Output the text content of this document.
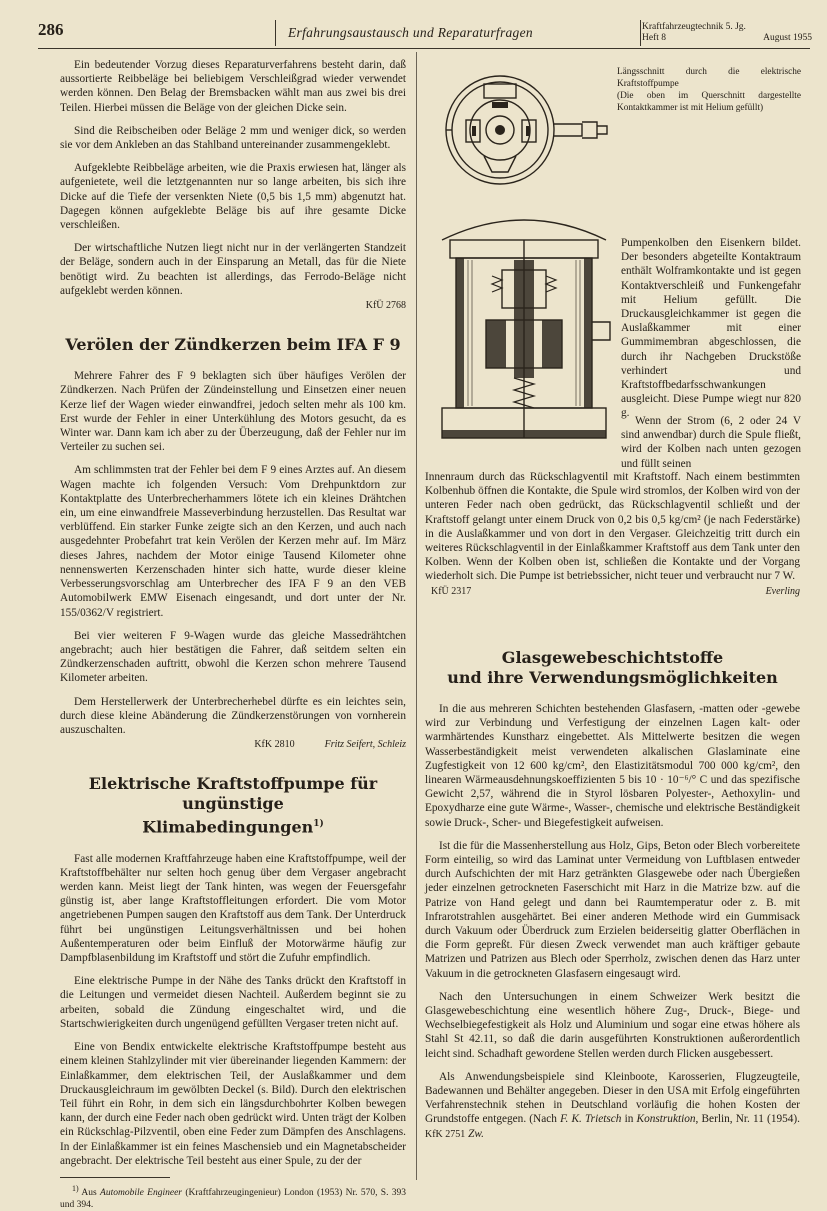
286	Erfahrungsaustausch und Reparaturfragen	Kraftfahrzeugtechnik 5. Jg.
Heft 8	August 1955

Ein bedeutender Vorzug dieses Reparaturverfahrens besteht darin, daß aussortierte Reibbeläge bei beliebigem Verschleißgrad wieder verwendet werden können. Den Belag der Bremsbacken wählt man aus zwei bis drei Teilen. Hierbei müssen die Beläge von der gleichen Dicke sein.

Sind die Reibscheiben oder Beläge 2 mm und weniger dick, so werden sie vor dem Ankleben an das Stahlband untereinander zusammengeklebt.

Aufgeklebte Reibbeläge arbeiten, wie die Praxis erwiesen hat, länger als aufgenietete, weil die letztgenannten nur so lange arbeiten, bis sich ihre Dicke auf die Tiefe der versenkten Niete (0,5 bis 1,5 mm) abgenutzt hat. Dagegen können aufgeklebte Beläge bis auf ihre gesamte Dicke verschleißen.

Der wirtschaftliche Nutzen liegt nicht nur in der verlängerten Standzeit der Beläge, sondern auch in der Einsparung an Metall, das für die Niete benötigt wird. Zu beachten ist allerdings, das Ferrodo-Beläge nicht aufgeklebt werden können.

KfÜ 2768
Verölen der Zündkerzen beim IFA F 9

Mehrere Fahrer des F 9 beklagten sich über häufiges Verölen der Zündkerzen. Nach Prüfen der Zündeinstellung und Einsetzen einer neuen Kerze lief der Wagen wieder einwandfrei, jedoch selten mehr als 100 km. Erst wurde der Fehler in einer Unterkühlung des Motors gesucht, da es Winter war. Dann kam ich aber zu der Überzeugung, daß der Fehler nur im Verteiler zu suchen sei.

Am schlimmsten trat der Fehler bei dem F 9 eines Arztes auf. An diesem Wagen machte ich folgenden Versuch: Vom Drehpunktdorn zur Kontaktplatte des Unterbrecherhammers lötete ich ein kleines Drähtchen ein, um eine einwandfreie Masseverbindung herzustellen. Das Resultat war verblüffend. Ein starker Funke zeigte sich an den Kerzen, und auch nach ausgedehnter Probefahrt trat kein Verölen der Kerzen mehr auf. Im März dieses Jahres, nachdem der Motor einige Tausend Kilometer ohne nennenswerten Kerzenschaden hinter sich hatte, wurde dieser kleine Verbesserungsvorschlag am Unterbrecher des IFA F 9 an den VEB Automobilwerk EMW Eisenach eingesandt, und dort unter der Nr. 155/0362/V registriert.

Bei vier weiteren F 9-Wagen wurde das gleiche Massedrähtchen angebracht; auch hier bestätigen die Fahrer, daß seitdem selten ein Zündkerzenschaden auftritt, obwohl die Kerzen schon mehrere Tausend Kilometer arbeiten.

Dem Herstellerwerk der Unterbrecherhebel dürfte es ein leichtes sein, durch diese kleine Abänderung die Zündkerzenstörungen von vornherein auszuschalten.

KfK 2810	Fritz Seifert, Schleiz
Elektrische Kraftstoffpumpe für ungünstige
Klimabedingungen$^{1)}$

Fast alle modernen Kraftfahrzeuge haben eine Kraftstoffpumpe, weil der Kraftstoffbehälter nur selten hoch genug über dem Vergaser angebracht werden kann. Meist liegt der Tank hinten, was wegen der Feuersgefahr günstig ist, aber lange Kraftstoffleitungen erfordert. Die vom Motor angetriebenen Pumpen saugen den Kraftstoff aus dem Tank. Der Unterdruck führt bei ungünstigen Leitungsverhältnissen und bei hohen Außentemperaturen oder beim Einfluß der Motorwärme häufig zur Dampfblasenbildung im Kraftstoff und stört die Zufuhr empfindlich.

Eine elektrische Pumpe in der Nähe des Tanks drückt den Kraftstoff in die Leitungen und vermeidet diesen Nachteil. Außerdem beginnt sie zu arbeiten, sobald die Zündung eingeschaltet wird, und die Startschwierigkeiten durch ungenügend gefüllten Vergaser treten nicht auf.

Eine von Bendix entwickelte elektrische Kraftstoffpumpe besteht aus einem kleinen Stahlzylinder mit vier übereinander liegenden Kammern: der Einlaßkammer, dem elektrischen Teil, der Auslaßkammer und dem Druckausgleichraum im gewölbten Deckel (s. Bild). Durch den elektrischen Teil führt ein Rohr, in dem sich ein längsdurchbohrter Kolben bewegen kann, der durch eine Feder nach oben gedrückt wird. Unten trägt der Kolben ein Rückschlag-Pilzventil, oben eine Feder zum Dämpfen des Anschlagens. In der Einlaßkammer ist ein feines Maschensieb und ein Magnetabscheider angebracht. Der elektrische Teil besteht aus einer Spule, zu der der

$^{1)}$ Aus Automobile Engineer (Kraftfahrzeugingenieur) London (1953) Nr. 570, S. 393 und 394.
Längsschnitt durch die elektrische Kraftstoffpumpe
(Die oben im Querschnitt dargestellte Kontaktkammer ist mit Helium gefüllt)
Pumpenkolben den Eisenkern bildet. Der besonders abgeteilte Kontaktraum enthält Wolframkontakte und ist gegen Kontaktverschleiß und Funkengefahr mit Helium gefüllt. Die Druckausgleichkammer ist gegen die Auslaßkammer mit einer Gummimembran abgeschlossen, die durch ihr Nachgeben Druckstöße verhindert und Kraftstoffbedarfsschwankungen ausgleicht. Diese Pumpe wiegt nur 820 g.
Wenn der Strom (6, 2 oder 24 V sind anwendbar) durch die Spule fließt, wird der Kolben nach unten gezogen und füllt seinen

Innenraum durch das Rückschlagventil mit Kraftstoff. Nach einem bestimmten Kolbenhub öffnen die Kontakte, die Spule wird stromlos, der Kolben wird von der unteren Feder nach oben gedrückt, das Rückschlagventil schließt und der Kraftstoff gelangt unter einem Druck von 0,2 bis 0,5 kg/cm² (je nach Federstärke) in die Auslaßkammer und von dort in den Vergaser. Gleichzeitig tritt durch ein weiteres Rückschlagventil in der Einlaßkammer Kraftstoff aus dem Tank unter den Kolben. Wenn der Kolben oben ist, schließen die Kontakte und der Vorgang wiederholt sich. Die Pumpe ist betriebssicher, nicht teuer und verbraucht nur 7 W.

KfÜ 2317	Everling
Glasgewebeschichtstoffe
und ihre Verwendungsmöglichkeiten

In die aus mehreren Schichten bestehenden Glasfasern, -matten oder -gewebe wird zur Verbindung und Verfestigung der einzelnen Lagen kalt- oder warmhärtendes Kunstharz eingebettet. Als Mittelwerte besitzen die wegen Wasserbeständigkeit meist verwendeten alkalischen Glaslaminate eine Zugfestigkeit von 12 600 kg/cm², den Elastizitätsmodul 700 000 kg/cm², den linearen Wärmeausdehnungskoeffizienten 5 bis 10 · 10⁻⁶/° C und das spezifische Gewicht 2,57, während die in Styrol lösbaren Polyester-, Aethoxylin- und Epoxydharze eine gute Wärme-, Wasser-, chemische und elektrische Beständigkeit sowie Druck-, Scher- und Biegefestigkeit aufweisen.

Ist die für die Massenherstellung aus Holz, Gips, Beton oder Blech vorbereitete Form einteilig, so wird das Laminat unter Vermeidung von Luftblasen entweder durch Aufschichten der mit Harz getränkten Glasgewebe oder nach Übergießen jeder einzelnen getrockneten Faserschicht mit Harz in die Matrize bzw. auf die Patrize von Hand gelegt und dann bei Raumtemperatur oder z. B. mit Infrarotstrahlen ausgehärtet. Bei einer anderen Methode wird ein Gummisack durch Vakuum oder Überdruck zum Erzielen beiderseitig glatter Oberflächen in die Form gepreßt. Für diesen Zweck verwendet man auch kräftiger gebaute Matrizen und Patrizen aus Blech oder Sperrholz, zwischen denen das Harz unter Vakuum in die getrockneten Glasfasern eingesaugt wird.

Nach den Untersuchungen in einem Schweizer Werk besitzt die Glasgewebeschichtung eine wesentlich höhere Zug-, Druck-, Biege- und Wechselbiegefestigkeit als Holz und Aluminium und sogar eine etwas höhere als Stahl St 42.11, so daß die darin ausgeführten Konstruktionen außerordentlich leicht sind. Schadhaft gewordene Stellen werden durch Flicken ausgebessert.

Als Anwendungsbeispiele sind Kleinboote, Karosserien, Flugzeugteile, Badewannen und Behälter angegeben. Dieser in den USA mit Erfolg eingeführten Verfahrenstechnik stehen in Deutschland vorläufig die hohen Kosten der Grundstoffe entgegen. (Nach F. K. Trietsch in Konstruktion, Berlin, Nr. 11 (1954). KfK 2751 Zw.
